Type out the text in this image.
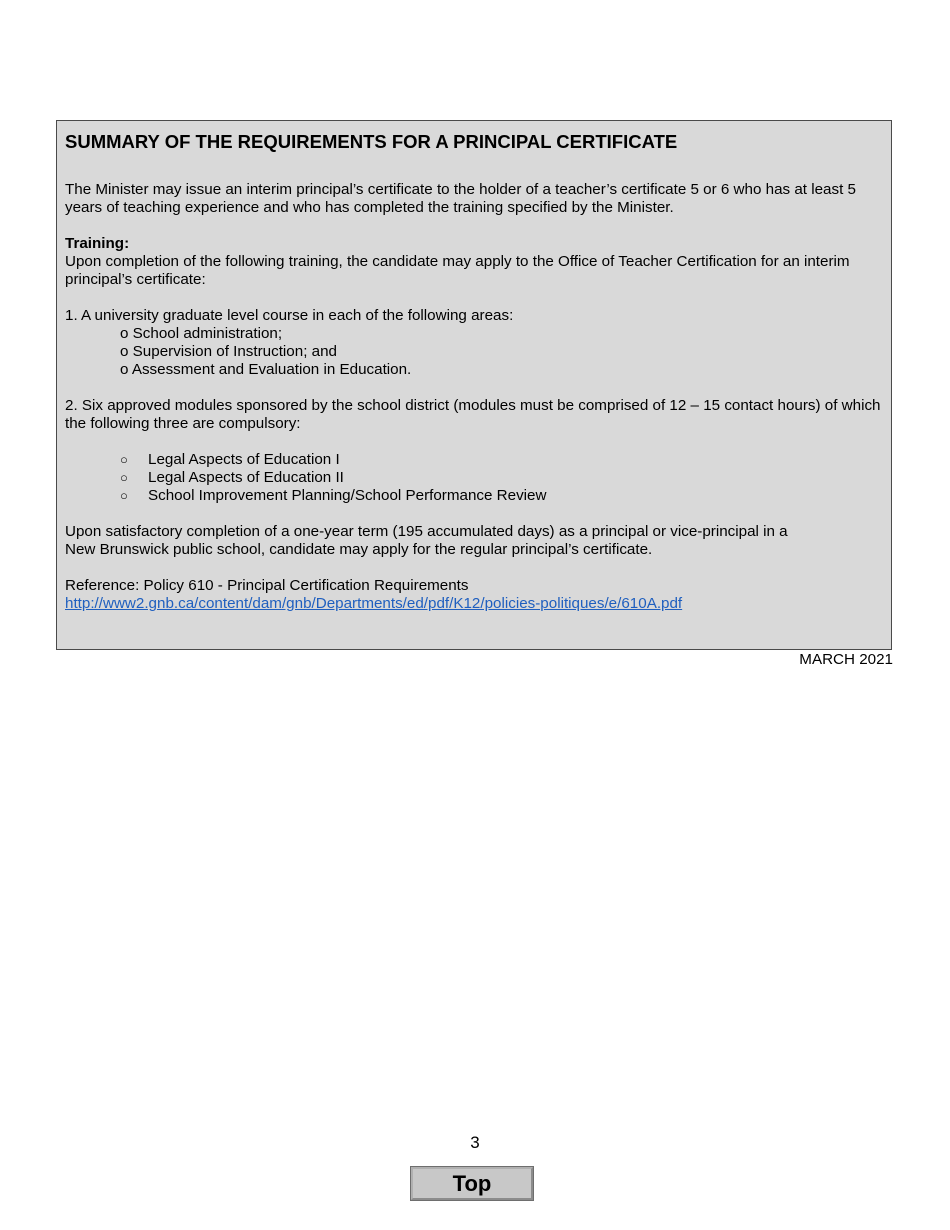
SUMMARY OF THE REQUIREMENTS FOR A PRINCIPAL CERTIFICATE

The Minister may issue an interim principal’s certificate to the holder of a teacher’s certificate 5 or 6 who has at least 5 years of teaching experience and who has completed the training specified by the Minister.

Training:

Upon completion of the following training, the candidate may apply to the Office of Teacher Certification for an interim principal’s certificate:

1. A university graduate level course in each of the following areas:

o School administration;

o Supervision of Instruction; and

o Assessment and Evaluation in Education.

2. Six approved modules sponsored by the school district (modules must be comprised of 12 – 15 contact hours) of which the following three are compulsory:

○	Legal Aspects of Education I
○	Legal Aspects of Education II
○	School Improvement Planning/School Performance Review

Upon satisfactory completion of a one-year term (195 accumulated days) as a principal or vice-principal in a

New Brunswick public school, candidate may apply for the regular principal’s certificate.

Reference: Policy 610 - Principal Certification Requirements

http://www2.gnb.ca/content/dam/gnb/Departments/ed/pdf/K12/policies-politiques/e/610A.pdf
MARCH 2021
3
Top
